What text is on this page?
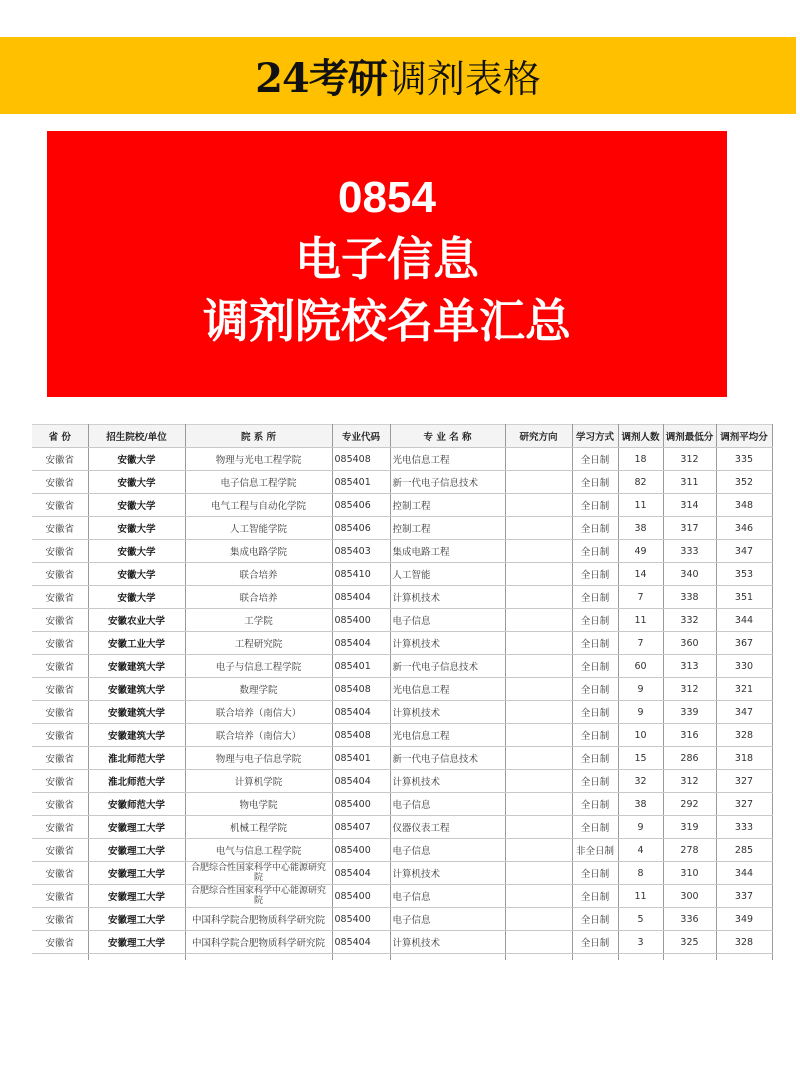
24考研 调剂表格
0854
电子信息
调剂院校名单汇总
省 份	招生院校/单位	院 系 所	专业代码	专 业 名 称	研究方向	学习方式	调剂人数	调剂最低分	调剂平均分
安徽省	安徽大学	物理与光电工程学院	085408	光电信息工程		全日制	18	312	335
安徽省	安徽大学	电子信息工程学院	085401	新一代电子信息技术		全日制	82	311	352
安徽省	安徽大学	电气工程与自动化学院	085406	控制工程		全日制	11	314	348
安徽省	安徽大学	人工智能学院	085406	控制工程		全日制	38	317	346
安徽省	安徽大学	集成电路学院	085403	集成电路工程		全日制	49	333	347
安徽省	安徽大学	联合培养	085410	人工智能		全日制	14	340	353
安徽省	安徽大学	联合培养	085404	计算机技术		全日制	7	338	351
安徽省	安徽农业大学	工学院	085400	电子信息		全日制	11	332	344
安徽省	安徽工业大学	工程研究院	085404	计算机技术		全日制	7	360	367
安徽省	安徽建筑大学	电子与信息工程学院	085401	新一代电子信息技术		全日制	60	313	330
安徽省	安徽建筑大学	数理学院	085408	光电信息工程		全日制	9	312	321
安徽省	安徽建筑大学	联合培养（南信大）	085404	计算机技术		全日制	9	339	347
安徽省	安徽建筑大学	联合培养（南信大）	085408	光电信息工程		全日制	10	316	328
安徽省	淮北师范大学	物理与电子信息学院	085401	新一代电子信息技术		全日制	15	286	318
安徽省	淮北师范大学	计算机学院	085404	计算机技术		全日制	32	312	327
安徽省	安徽师范大学	物电学院	085400	电子信息		全日制	38	292	327
安徽省	安徽理工大学	机械工程学院	085407	仪器仪表工程		全日制	9	319	333
安徽省	安徽理工大学	电气与信息工程学院	085400	电子信息		非全日制	4	278	285
安徽省	安徽理工大学	合肥综合性国家科学中心能源研究院	085404	计算机技术		全日制	8	310	344
安徽省	安徽理工大学	合肥综合性国家科学中心能源研究院	085400	电子信息		全日制	11	300	337
安徽省	安徽理工大学	中国科学院合肥物质科学研究院	085400	电子信息		全日制	5	336	349
安徽省	安徽理工大学	中国科学院合肥物质科学研究院	085404	计算机技术		全日制	3	325	328
